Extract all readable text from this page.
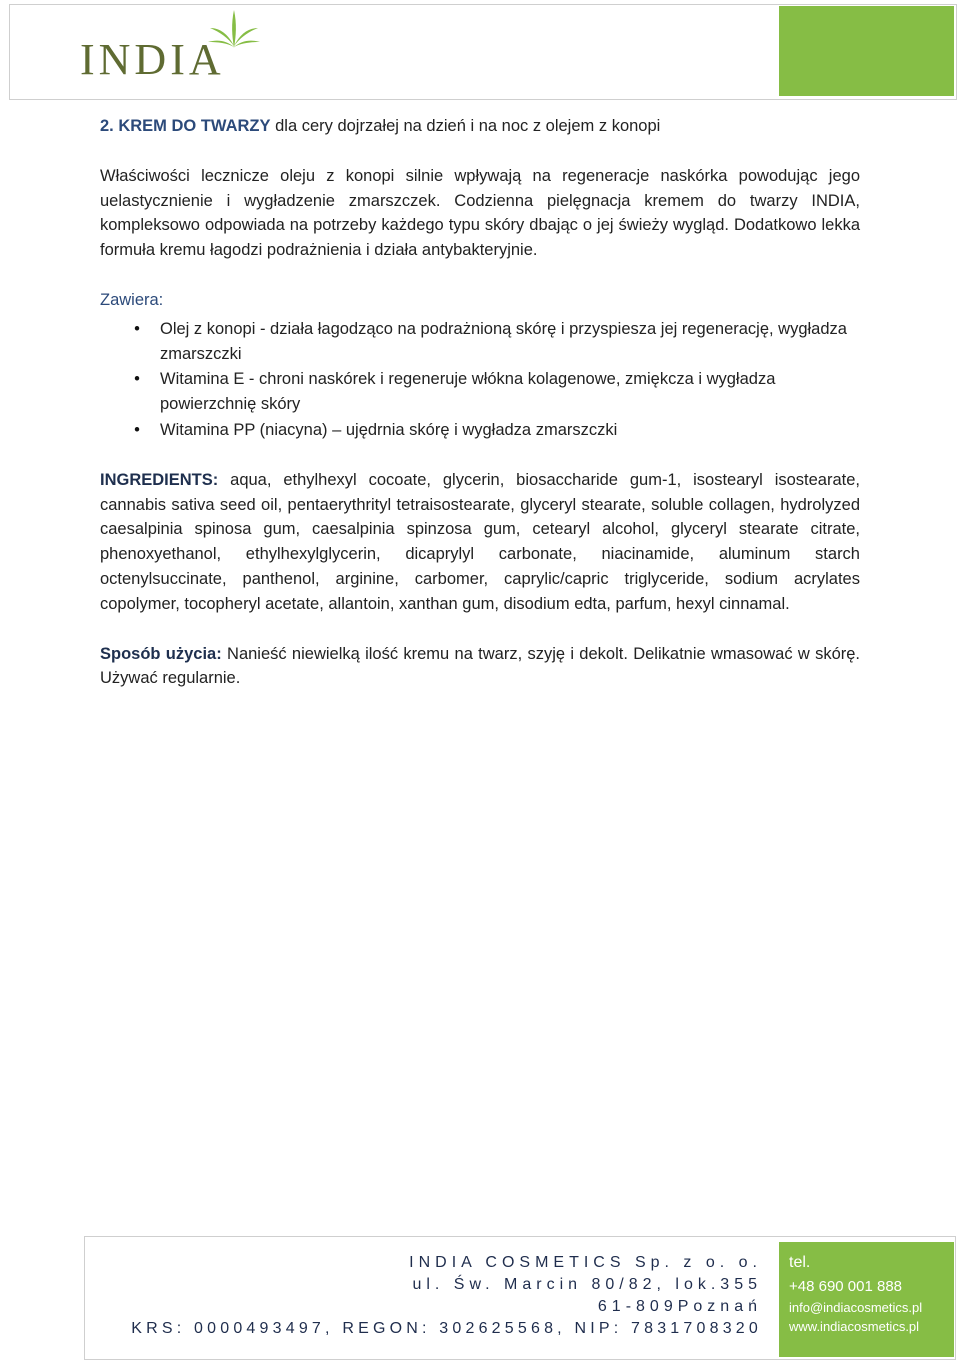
INDIA

2. KREM DO TWARZY dla cery dojrzałej na dzień i na noc z olejem z konopi

Właściwości lecznicze oleju z konopi silnie wpływają na regeneracje naskórka powodując jego uelastycznienie i wygładzenie zmarszczek. Codzienna pielęgnacja kremem do twarzy INDIA, kompleksowo odpowiada na potrzeby każdego typu skóry dbając o jej świeży wygląd. Dodatkowo lekka formuła kremu łagodzi podrażnienia i działa antybakteryjnie.

Zawiera:

• Olej z konopi - działa łagodząco na podrażnioną skórę i przyspiesza jej regenerację, wygładza zmarszczki
• Witamina E - chroni naskórek i regeneruje włókna kolagenowe, zmiękcza i wygładza powierzchnię skóry
• Witamina PP (niacyna) – ujędrnia skórę i wygładza zmarszczki

INGREDIENTS: aqua, ethylhexyl cocoate, glycerin, biosaccharide gum-1, isostearyl isostearate, cannabis sativa seed oil, pentaerythrityl tetraisostearate, glyceryl stearate, soluble collagen, hydrolyzed caesalpinia spinosa gum, caesalpinia spinzosa gum, cetearyl alcohol, glyceryl stearate citrate, phenoxyethanol, ethylhexylglycerin, dicaprylyl carbonate, niacinamide, aluminum starch octenylsuccinate, panthenol, arginine, carbomer, caprylic/capric triglyceride, sodium acrylates copolymer, tocopheryl acetate, allantoin, xanthan gum, disodium edta, parfum, hexyl cinnamal.

Sposób użycia: Nanieść niewielką ilość kremu na twarz, szyję i dekolt. Delikatnie wmasować w skórę. Używać regularnie.

INDIA COSMETICS Sp. z o. o.
ul. Św. Marcin 80/82, lok.355
61-809Poznań
KRS: 0000493497, REGON: 302625568, NIP: 7831708320
tel.
+48 690 001 888
info@indiacosmetics.pl
www.indiacosmetics.pl
